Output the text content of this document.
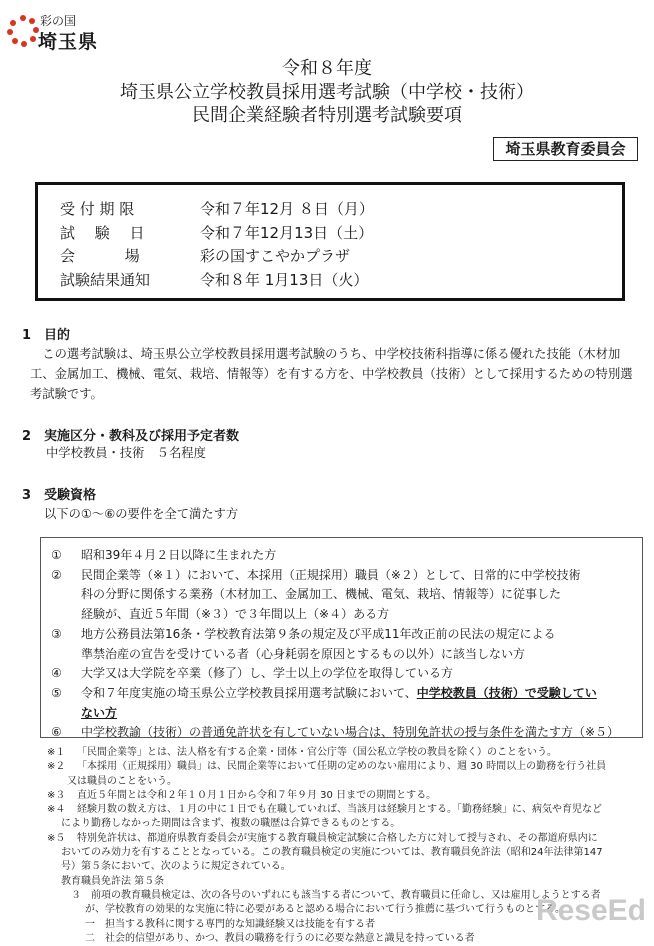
彩の国
埼玉県
令和８年度
埼玉県公立学校教員採用選考試験（中学校・技術）
民間企業経験者特別選考試験要項
埼玉県教育委員会
受 付 期 限	令和７年12月 ８日（月）
試　 験　 日	令和７年12月13日（土）
会　　　 場	彩の国すこやかプラザ
試験結果通知	令和８年 1月13日（火）
1　目的
　この選考試験は、埼玉県公立学校教員採用選考試験のうち、中学校技術科指導に係る優れた技能（木材加工、金属加工、機械、電気、栽培、情報等）を有する方を、中学校教員（技術）として採用するための特別選考試験です。
2　実施区分・教科及び採用予定者数
中学校教員・技術　５名程度
3　受験資格
以下の①～⑥の要件を全て満たす方
①	昭和39年４月２日以降に生まれた方
②	民間企業等（※１）において、本採用（正規採用）職員（※２）として、日常的に中学校技術
科の分野に関係する業務（木材加工、金属加工、機械、電気、栽培、情報等）に従事した
経験が、直近５年間（※３）で３年間以上（※４）ある方
③	地方公務員法第16条・学校教育法第９条の規定及び平成11年改正前の民法の規定による
準禁治産の宣告を受けている者（心身耗弱を原因とするもの以外）に該当しない方
④	大学又は大学院を卒業（修了）し、学士以上の学位を取得している方
⑤	令和７年度実施の埼玉県公立学校教員採用選考試験において、中学校教員（技術）で受験してい
ない方
⑥	中学校教諭（技術）の普通免許状を有していない場合は、特別免許状の授与条件を満たす方（※５）
※１	「民間企業等」とは、法人格を有する企業・団体・官公庁等（国公私立学校の教員を除く）のことをいう。
※２	「本採用（正規採用）職員」は、民間企業等において任期の定めのない雇用により、週 30 時間以上の勤務を行う社員
又は職員のことをいう。
※３	直近５年間とは令和２年１０月１日から令和７年９月 30 日までの期間とする。
※４	経験月数の数え方は、１月の中に１日でも在職していれば、当該月は経験月とする。「勤務経験」に、病気や育児など
により勤務しなかった期間は含まず、複数の職歴は合算できるものとする。
※５	特別免許状は、都道府県教育委員会が実施する教育職員検定試験に合格した方に対して授与され、その都道府県内に
おいてのみ効力を有することとなっている。この教育職員検定の実施については、教育職員免許法（昭和24年法律第147
号）第５条において、次のように規定されている。
教育職員免許法 第５条
３　前項の教育職員検定は、次の各号のいずれにも該当する者について、教育職員に任命し、又は雇用しようとする者
が、学校教育の効果的な実施に特に必要があると認める場合において行う推薦に基づいて行うものとする。
一　担当する教科に関する専門的な知識経験又は技能を有する者
二　社会的信望があり、かつ、教員の職務を行うのに必要な熱意と識見を持っている者
ReseEd
